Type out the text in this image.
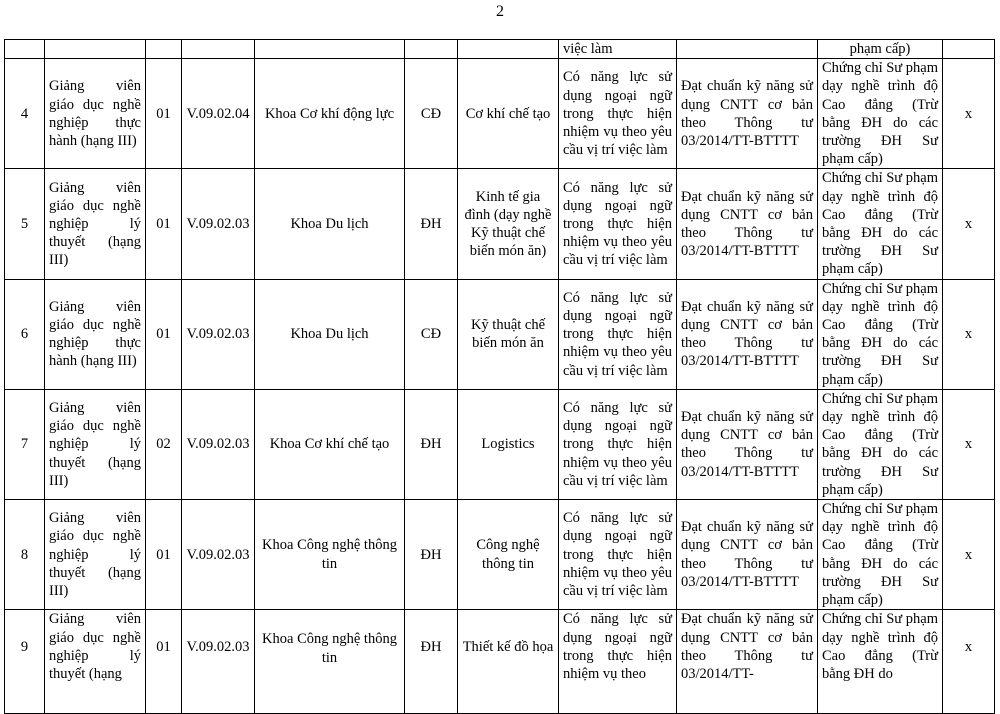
2
							việc làm		phạm cấp)	
4	Giảng viên giáo dục nghề nghiệp thực hành (hạng III)	01	V.09.02.04	Khoa Cơ khí động lực	CĐ	Cơ khí chế tạo	Có năng lực sử dụng ngoại ngữ trong thực hiện nhiệm vụ theo yêu cầu vị trí việc làm	Đạt chuẩn kỹ năng sử dụng CNTT cơ bản theo Thông tư 03/2014/TT-BTTTT	Chứng chỉ Sư phạm dạy nghề trình độ Cao đẳng (Trừ bằng ĐH do các trường ĐH Sư phạm cấp)	x
5	Giảng viên giáo dục nghề nghiệp lý thuyết (hạng III)	01	V.09.02.03	Khoa Du lịch	ĐH	Kinh tế gia đình (dạy nghề Kỹ thuật chế biến món ăn)	Có năng lực sử dụng ngoại ngữ trong thực hiện nhiệm vụ theo yêu cầu vị trí việc làm	Đạt chuẩn kỹ năng sử dụng CNTT cơ bản theo Thông tư 03/2014/TT-BTTTT	Chứng chỉ Sư phạm dạy nghề trình độ Cao đẳng (Trừ bằng ĐH do các trường ĐH Sư phạm cấp)	x
6	Giảng viên giáo dục nghề nghiệp thực hành (hạng III)	01	V.09.02.03	Khoa Du lịch	CĐ	Kỹ thuật chế biến món ăn	Có năng lực sử dụng ngoại ngữ trong thực hiện nhiệm vụ theo yêu cầu vị trí việc làm	Đạt chuẩn kỹ năng sử dụng CNTT cơ bản theo Thông tư 03/2014/TT-BTTTT	Chứng chỉ Sư phạm dạy nghề trình độ Cao đẳng (Trừ bằng ĐH do các trường ĐH Sư phạm cấp)	x
7	Giảng viên giáo dục nghề nghiệp lý thuyết (hạng III)	02	V.09.02.03	Khoa Cơ khí chế tạo	ĐH	Logistics	Có năng lực sử dụng ngoại ngữ trong thực hiện nhiệm vụ theo yêu cầu vị trí việc làm	Đạt chuẩn kỹ năng sử dụng CNTT cơ bản theo Thông tư 03/2014/TT-BTTTT	Chứng chỉ Sư phạm dạy nghề trình độ Cao đẳng (Trừ bằng ĐH do các trường ĐH Sư phạm cấp)	x
8	Giảng viên giáo dục nghề nghiệp lý thuyết (hạng III)	01	V.09.02.03	Khoa Công nghệ thông tin	ĐH	Công nghệ thông tin	Có năng lực sử dụng ngoại ngữ trong thực hiện nhiệm vụ theo yêu cầu vị trí việc làm	Đạt chuẩn kỹ năng sử dụng CNTT cơ bản theo Thông tư 03/2014/TT-BTTTT	Chứng chỉ Sư phạm dạy nghề trình độ Cao đẳng (Trừ bằng ĐH do các trường ĐH Sư phạm cấp)	x
9	Giảng viên giáo dục nghề nghiệp lý thuyết (hạng	01	V.09.02.03	Khoa Công nghệ thông tin	ĐH	Thiết kế đồ họa	Có năng lực sử dụng ngoại ngữ trong thực hiện nhiệm vụ theo	Đạt chuẩn kỹ năng sử dụng CNTT cơ bản theo Thông tư 03/2014/TT-	Chứng chỉ Sư phạm dạy nghề trình độ Cao đẳng (Trừ bằng ĐH do	x
